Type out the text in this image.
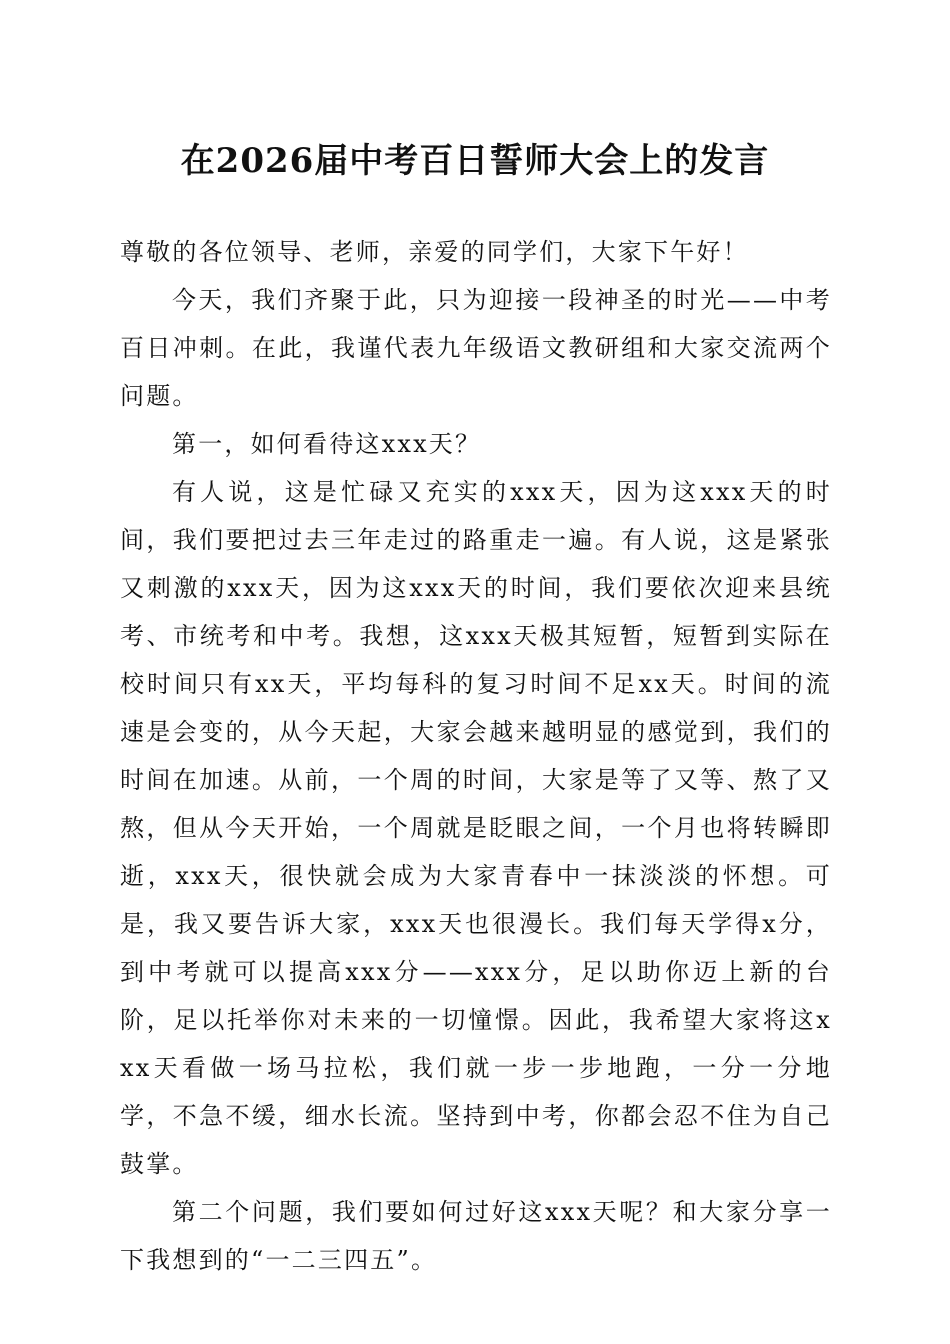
在2026届中考百日誓师大会上的发言

尊敬的各位领导、老师，亲爱的同学们，大家下午好！

今天，我们齐聚于此，只为迎接一段神圣的时光——中考百日冲刺。在此，我谨代表九年级语文教研组和大家交流两个问题。

第一，如何看待这xxx天？

有人说，这是忙碌又充实的xxx天，因为这xxx天的时间，我们要把过去三年走过的路重走一遍。有人说，这是紧张又刺激的xxx天，因为这xxx天的时间，我们要依次迎来县统考、市统考和中考。我想，这xxx天极其短暂，短暂到实际在校时间只有xx天，平均每科的复习时间不足xx天。时间的流速是会变的，从今天起，大家会越来越明显的感觉到，我们的时间在加速。从前，一个周的时间，大家是等了又等、熬了又熬，但从今天开始，一个周就是眨眼之间，一个月也将转瞬即逝，xxx天，很快就会成为大家青春中一抹淡淡的怀想。可是，我又要告诉大家，xxx天也很漫长。我们每天学得x分，到中考就可以提高xxx分——xxx分，足以助你迈上新的台阶，足以托举你对未来的一切憧憬。因此，我希望大家将这xxx天看做一场马拉松，我们就一步一步地跑，一分一分地学，不急不缓，细水长流。坚持到中考，你都会忍不住为自己鼓掌。

第二个问题，我们要如何过好这xxx天呢？和大家分享一下我想到的“一二三四五”。
